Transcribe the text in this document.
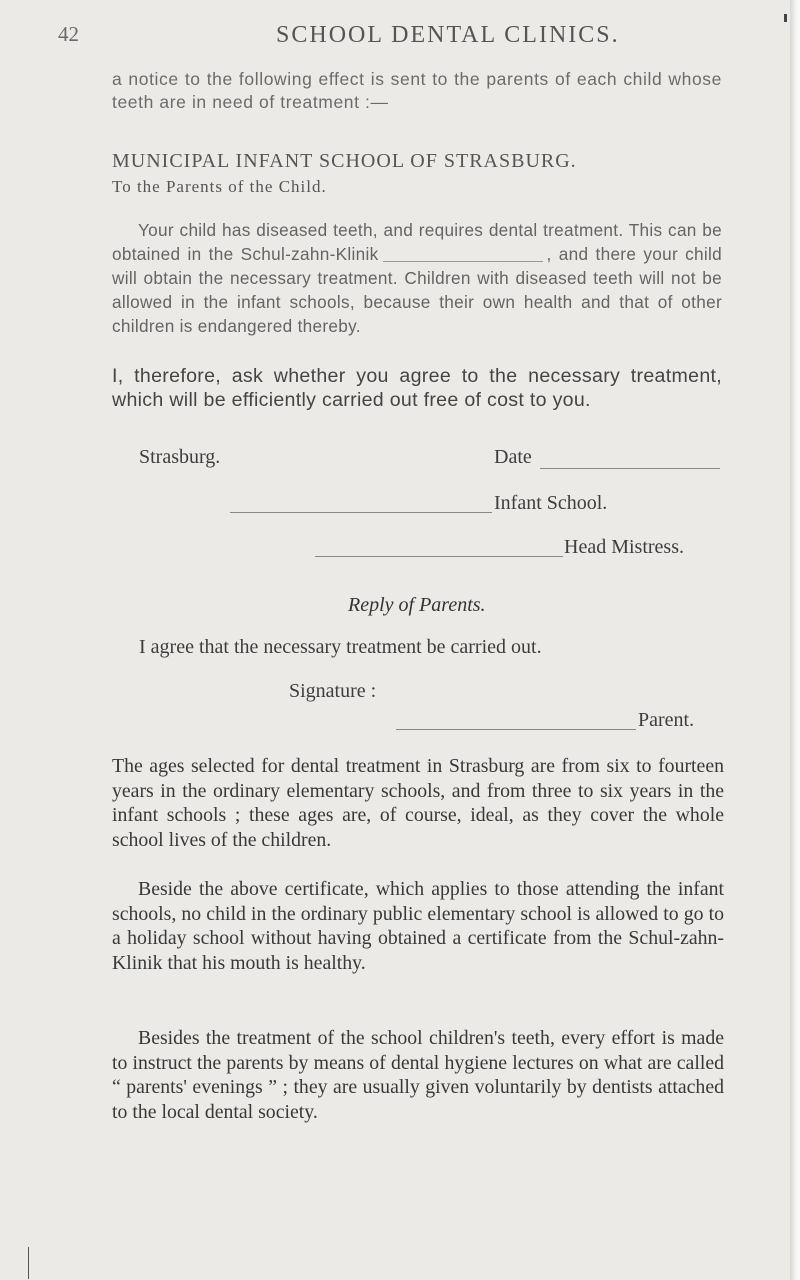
42	SCHOOL DENTAL CLINICS.
a notice to the following effect is sent to the parents of each child whose teeth are in need of treatment :—
MUNICIPAL INFANT SCHOOL OF STRASBURG.
To the Parents of the Child.
Your child has diseased teeth, and requires dental treatment. This can be obtained in the Schul-zahn-Klinik	, and there your child will obtain the necessary treatment. Children with diseased teeth will not be allowed in the infant schools, because their own health and that of other children is endangered thereby.
I, therefore, ask whether you agree to the necessary treatment, which will be efficiently carried out free of cost to you.
Strasburg.	Date
Infant School.
Head Mistress.
Reply of Parents.
I agree that the necessary treatment be carried out.
Signature :
Parent.
The ages selected for dental treatment in Strasburg are from six to fourteen years in the ordinary elementary schools, and from three to six years in the infant schools ; these ages are, of course, ideal, as they cover the whole school lives of the children.
Beside the above certificate, which applies to those attending the infant schools, no child in the ordinary public elementary school is allowed to go to a holiday school without having obtained a certificate from the Schul-zahn-Klinik that his mouth is healthy.
Besides the treatment of the school children's teeth, every effort is made to instruct the parents by means of dental hygiene lectures on what are called “ parents' evenings ” ; they are usually given voluntarily by dentists attached to the local dental society.
